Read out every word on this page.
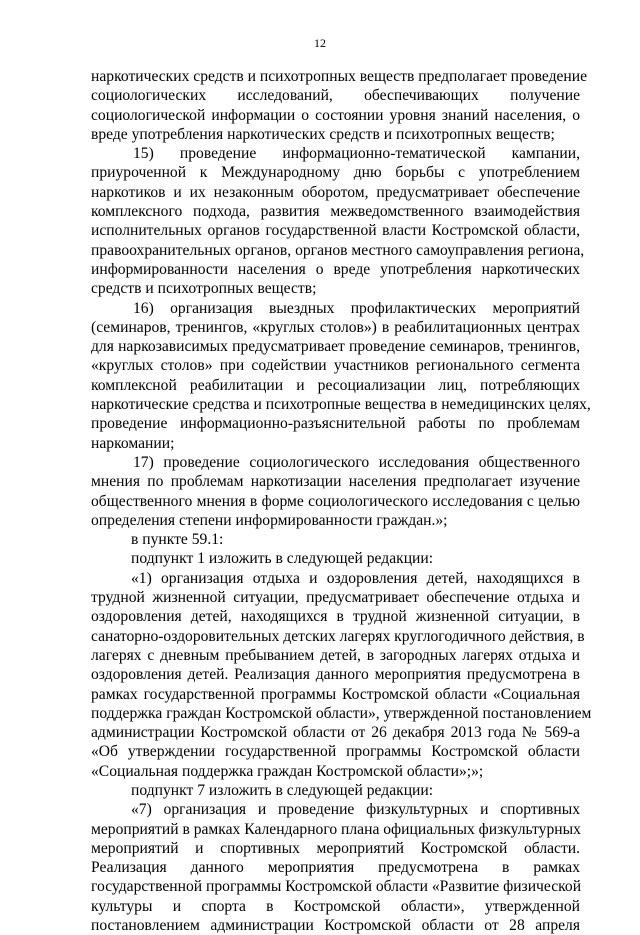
12
наркотических средств и психотропных веществ предполагает проведение
социологических исследований, обеспечивающих получение
социологической информации о состоянии уровня знаний населения, о
вреде употребления наркотических средств и психотропных веществ;
15) проведение информационно-тематической кампании,
приуроченной к Международному дню борьбы с употреблением
наркотиков и их незаконным оборотом, предусматривает обеспечение
комплексного подхода, развития межведомственного взаимодействия
исполнительных органов государственной власти Костромской области,
правоохранительных органов, органов местного самоуправления региона,
информированности населения о вреде употребления наркотических
средств и психотропных веществ;
16) организация выездных профилактических мероприятий
(семинаров, тренингов, «круглых столов») в реабилитационных центрах
для наркозависимых предусматривает проведение семинаров, тренингов,
«круглых столов» при содействии участников регионального сегмента
комплексной реабилитации и ресоциализации лиц, потребляющих
наркотические средства и психотропные вещества в немедицинских целях,
проведение информационно-разъяснительной работы по проблемам
наркомании;
17) проведение социологического исследования общественного
мнения по проблемам наркотизации населения предполагает изучение
общественного мнения в форме социологического исследования с целью
определения степени информированности граждан.»;
в пункте 59.1:
подпункт 1 изложить в следующей редакции:
«1) организация отдыха и оздоровления детей, находящихся в
трудной жизненной ситуации, предусматривает обеспечение отдыха и
оздоровления детей, находящихся в трудной жизненной ситуации, в
санаторно-оздоровительных детских лагерях круглогодичного действия, в
лагерях с дневным пребыванием детей, в загородных лагерях отдыха и
оздоровления детей. Реализация данного мероприятия предусмотрена в
рамках государственной программы Костромской области «Социальная
поддержка граждан Костромской области», утвержденной постановлением
администрации Костромской области от 26 декабря 2013 года № 569-а
«Об утверждении государственной программы Костромской области
«Социальная поддержка граждан Костромской области»;»;
подпункт 7 изложить в следующей редакции:
«7) организация и проведение физкультурных и спортивных
мероприятий в рамках Календарного плана официальных физкультурных
мероприятий и спортивных мероприятий Костромской области.
Реализация данного мероприятия предусмотрена в рамках
государственной программы Костромской области «Развитие физической
культуры и спорта в Костромской области», утвержденной
постановлением администрации Костромской области от 28 апреля
